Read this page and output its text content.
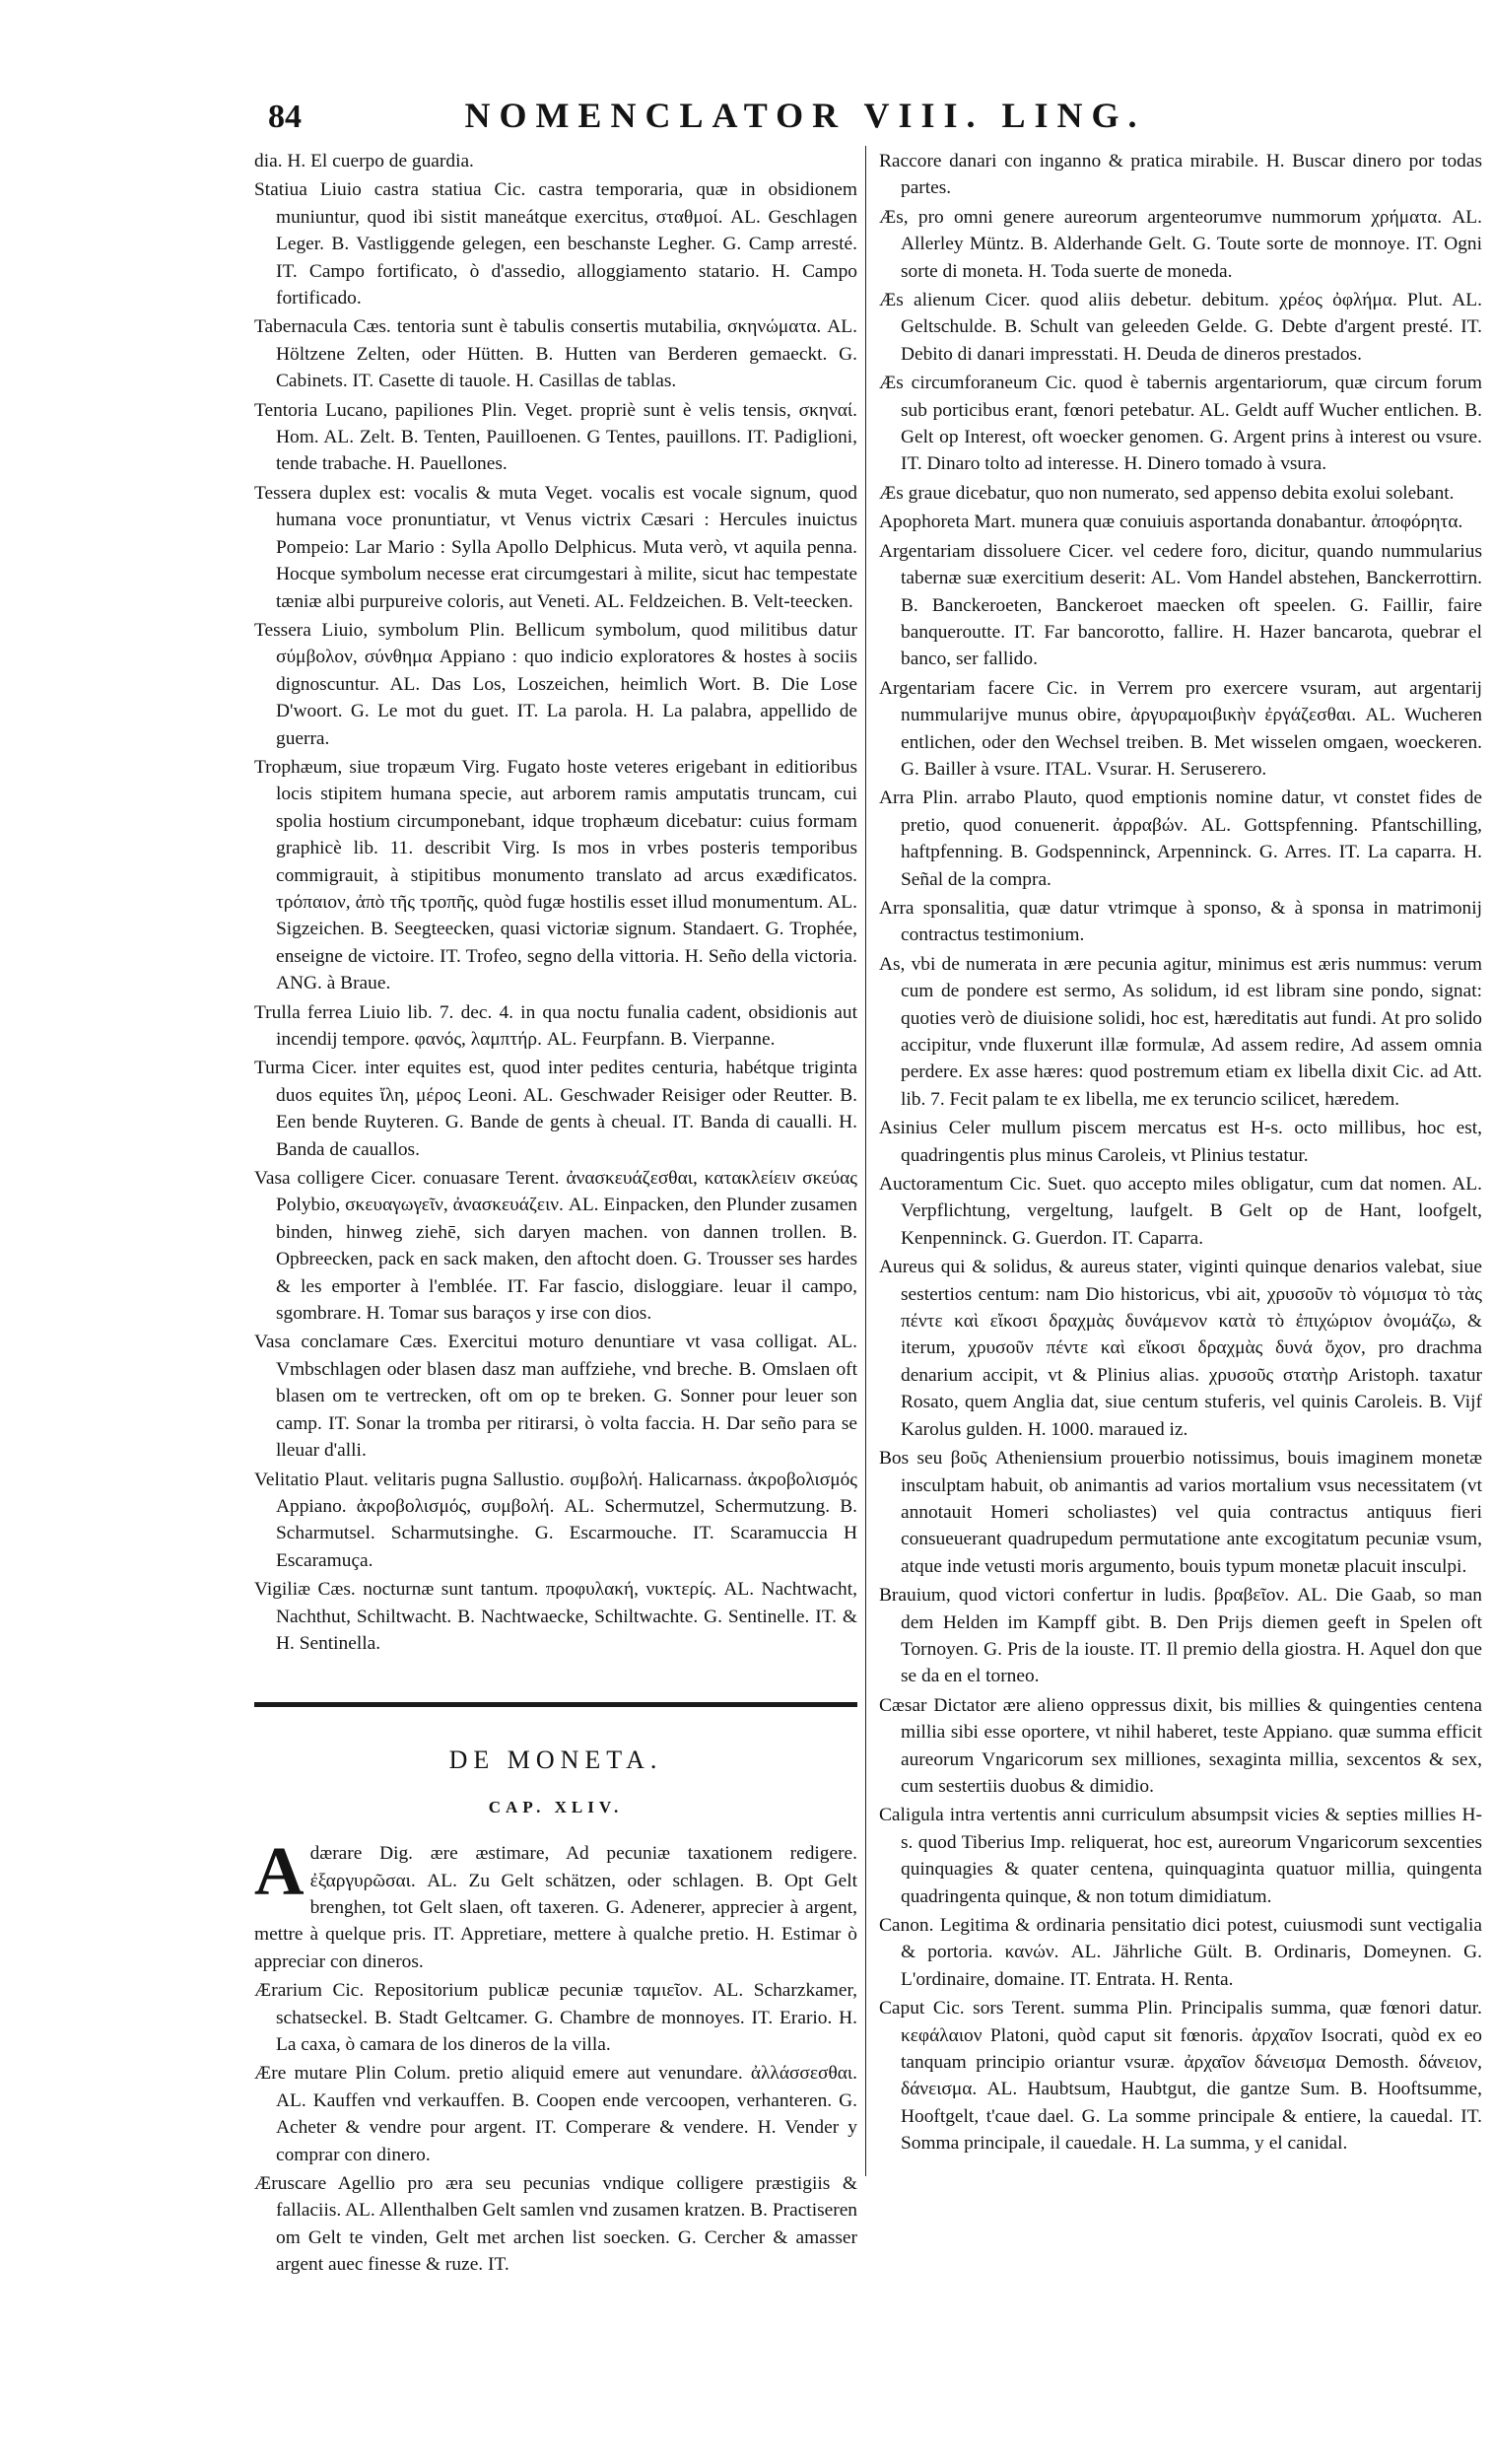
84	NOMENCLATOR VIII. LING.

dia. H. El cuerpo de guardia.

Statiua Liuio castra statiua Cic. castra temporaria, quæ in obsidionem muniuntur, quod ibi sistit maneátque exercitus, σταθμοί. AL. Geschlagen Leger. B. Vastliggende gelegen, een beschanste Legher. G. Camp arresté. IT. Campo fortificato, ò d'assedio, alloggiamento statario. H. Campo fortificado.

Tabernacula Cæs. tentoria sunt è tabulis consertis mutabilia, σκηνώματα. AL. Höltzene Zelten, oder Hütten. B. Hutten van Berderen gemaeckt. G. Cabinets. IT. Casette di tauole. H. Casillas de tablas.

Tentoria Lucano, papiliones Plin. Veget. propriè sunt è velis tensis, σκηναί. Hom. AL. Zelt. B. Tenten, Pauilloenen. G Tentes, pauillons. IT. Padiglioni, tende trabache. H. Pauellones.

Tessera duplex est: vocalis & muta Veget. vocalis est vocale signum, quod humana voce pronuntiatur, vt Venus victrix Cæsari : Hercules inuictus Pompeio: Lar Mario : Sylla Apollo Delphicus. Muta verò, vt aquila penna. Hocque symbolum necesse erat circumgestari à milite, sicut hac tempestate tæniæ albi purpureive coloris, aut Veneti. AL. Feldzeichen. B. Velt-teecken.

Tessera Liuio, symbolum Plin. Bellicum symbolum, quod militibus datur σύμβολον, σύνθημα Appiano : quo indicio exploratores & hostes à sociis dignoscuntur. AL. Das Los, Loszeichen, heimlich Wort. B. Die Lose D'woort. G. Le mot du guet. IT. La parola. H. La palabra, appellido de guerra.

Trophæum, siue tropæum Virg. Fugato hoste veteres erigebant in editioribus locis stipitem humana specie, aut arborem ramis amputatis truncam, cui spolia hostium circumponebant, idque trophæum dicebatur: cuius formam graphicè lib. 11. describit Virg. Is mos in vrbes posteris temporibus commigrauit, à stipitibus monumento translato ad arcus exædificatos. τρόπαιον, ἀπὸ τῆς τροπῆς, quòd fugæ hostilis esset illud monumentum. AL. Sigzeichen. B. Seegteecken, quasi victoriæ signum. Standaert. G. Trophée, enseigne de victoire. IT. Trofeo, segno della vittoria. H. Seño della victoria. ANG. à Braue.

Trulla ferrea Liuio lib. 7. dec. 4. in qua noctu funalia cadent, obsidionis aut incendij tempore. φανός, λαμπτήρ. AL. Feurpfann. B. Vierpanne.

Turma Cicer. inter equites est, quod inter pedites centuria, habétque triginta duos equites ἴλη, μέρος Leoni. AL. Geschwader Reisiger oder Reutter. B. Een bende Ruyteren. G. Bande de gents à cheual. IT. Banda di caualli. H. Banda de cauallos.

Vasa colligere Cicer. conuasare Terent. ἀνασκευάζεσθαι, κατακλείειν σκεύας Polybio, σκευαγωγεῖν, ἀνασκευάζειν. AL. Einpacken, den Plunder zusamen binden, hinweg ziehē, sich daryen machen. von dannen trollen. B. Opbreecken, pack en sack maken, den aftocht doen. G. Trousser ses hardes & les emporter à l'emblée. IT. Far fascio, disloggiare. leuar il campo, sgombrare. H. Tomar sus baraços y irse con dios.

Vasa conclamare Cæs. Exercitui moturo denuntiare vt vasa colligat. AL. Vmbschlagen oder blasen dasz man auffziehe, vnd breche. B. Omslaen oft blasen om te vertrecken, oft om op te breken. G. Sonner pour leuer son camp. IT. Sonar la tromba per ritirarsi, ò volta faccia. H. Dar seño para se lleuar d'alli.

Velitatio Plaut. velitaris pugna Sallustio. συμβολή. Halicarnass. ἀκροβολισμός Appiano. ἀκροβολισμός, συμβολή. AL. Schermutzel, Schermutzung. B. Scharmutsel. Scharmutsinghe. G. Escarmouche. IT. Scaramuccia H Escaramuça.

Vigiliæ Cæs. nocturnæ sunt tantum. προφυλακή, νυκτερίς. AL. Nachtwacht, Nachthut, Schiltwacht. B. Nachtwaecke, Schiltwachte. G. Sentinelle. IT. & H. Sentinella.

DE MONETA.
CAP. XLIV.

Adærare Dig. ære æstimare, Ad pecuniæ taxationem redigere. ἐξαργυρῶσαι. AL. Zu Gelt schätzen, oder schlagen. B. Opt Gelt brenghen, tot Gelt slaen, oft taxeren. G. Adenerer, apprecier à argent, mettre à quelque pris. IT. Appretiare, mettere à qualche pretio. H. Estimar ò appreciar con dineros.

Ærarium Cic. Repositorium publicæ pecuniæ ταμιεῖον. AL. Scharzkamer, schatseckel. B. Stadt Geltcamer. G. Chambre de monnoyes. IT. Erario. H. La caxa, ò camara de los dineros de la villa.

Ære mutare Plin Colum. pretio aliquid emere aut venundare. ἀλλάσσεσθαι. AL. Kauffen vnd verkauffen. B. Coopen ende vercoopen, verhanteren. G. Acheter & vendre pour argent. IT. Comperare & vendere. H. Vender y comprar con dinero.

Æruscare Agellio pro æra seu pecunias vndique colligere præstigiis & fallaciis. AL. Allenthalben Gelt samlen vnd zusamen kratzen. B. Practiseren om Gelt te vinden, Gelt met archen list soecken. G. Cercher & amasser argent auec finesse & ruze. IT.

Raccore danari con inganno & pratica mirabile. H. Buscar dinero por todas partes.

Æs, pro omni genere aureorum argenteorumve nummorum χρήματα. AL. Allerley Müntz. B. Alderhande Gelt. G. Toute sorte de monnoye. IT. Ogni sorte di moneta. H. Toda suerte de moneda.

Æs alienum Cicer. quod aliis debetur. debitum. χρέος ὀφλήμα. Plut. AL. Geltschulde. B. Schult van geleeden Gelde. G. Debte d'argent presté. IT. Debito di danari impresstati. H. Deuda de dineros prestados.

Æs circumforaneum Cic. quod è tabernis argentariorum, quæ circum forum sub porticibus erant, fœnori petebatur. AL. Geldt auff Wucher entlichen. B. Gelt op Interest, oft woecker genomen. G. Argent prins à interest ou vsure. IT. Dinaro tolto ad interesse. H. Dinero tomado à vsura.

Æs graue dicebatur, quo non numerato, sed appenso debita exolui solebant.

Apophoreta Mart. munera quæ conuiuis asportanda donabantur. ἀποφόρητα.

Argentariam dissoluere Cicer. vel cedere foro, dicitur, quando nummularius tabernæ suæ exercitium deserit: AL. Vom Handel abstehen, Banckerrottirn. B. Banckeroeten, Banckeroet maecken oft speelen. G. Faillir, faire banqueroutte. IT. Far bancorotto, fallire. H. Hazer bancarota, quebrar el banco, ser fallido.

Argentariam facere Cic. in Verrem pro exercere vsuram, aut argentarij nummularijve munus obire, ἀργυραμοιβικὴν ἐργάζεσθαι. AL. Wucheren entlichen, oder den Wechsel treiben. B. Met wisselen omgaen, woeckeren. G. Bailler à vsure. ITAL. Vsurar. H. Seruserero.

Arra Plin. arrabo Plauto, quod emptionis nomine datur, vt constet fides de pretio, quod conuenerit. ἀρραβών. AL. Gottspfenning. Pfantschilling, haftpfenning. B. Godspenninck, Arpenninck. G. Arres. IT. La caparra. H. Señal de la compra.

Arra sponsalitia, quæ datur vtrimque à sponso, & à sponsa in matrimonij contractus testimonium.

As, vbi de numerata in ære pecunia agitur, minimus est æris nummus: verum cum de pondere est sermo, As solidum, id est libram sine pondo, signat: quoties verò de diuisione solidi, hoc est, hæreditatis aut fundi. At pro solido accipitur, vnde fluxerunt illæ formulæ, Ad assem redire, Ad assem omnia perdere. Ex asse hæres: quod postremum etiam ex libella dixit Cic. ad Att. lib. 7. Fecit palam te ex libella, me ex teruncio scilicet, hæredem.

Asinius Celer mullum piscem mercatus est H-s. octo millibus, hoc est, quadringentis plus minus Caroleis, vt Plinius testatur.

Auctoramentum Cic. Suet. quo accepto miles obligatur, cum dat nomen. AL. Verpflichtung, vergeltung, laufgelt. B Gelt op de Hant, loofgelt, Kenpenninck. G. Guerdon. IT. Caparra.

Aureus qui & solidus, & aureus stater, viginti quinque denarios valebat, siue sestertios centum: nam Dio historicus, vbi ait, χρυσοῦν τὸ νόμισμα τὸ τὰς πέντε καὶ εἴκοσι δραχμὰς δυνάμενον κατὰ τὸ ἐπιχώριον ὀνομάζω, & iterum, χρυσοῦν πέντε καὶ εἴκοσι δραχμὰς δυνά ὄχον, pro drachma denarium accipit, vt & Plinius alias. χρυσοῦς στατὴρ Aristoph. taxatur Rosato, quem Anglia dat, siue centum stuferis, vel quinis Caroleis. B. Vijf Karolus gulden. H. 1000. maraued iz.

Bos seu βοῦς Atheniensium prouerbio notissimus, bouis imaginem monetæ insculptam habuit, ob animantis ad varios mortalium vsus necessitatem (vt annotauit Homeri scholiastes) vel quia contractus antiquus fieri consueuerant quadrupedum permutatione ante excogitatum pecuniæ vsum, atque inde vetusti moris argumento, bouis typum monetæ placuit insculpi.

Brauium, quod victori confertur in ludis. βραβεῖον. AL. Die Gaab, so man dem Helden im Kampff gibt. B. Den Prijs diemen geeft in Spelen oft Tornoyen. G. Pris de la iouste. IT. Il premio della giostra. H. Aquel don que se da en el torneo.

Cæsar Dictator ære alieno oppressus dixit, bis millies & quingenties centena millia sibi esse oportere, vt nihil haberet, teste Appiano. quæ summa efficit aureorum Vngaricorum sex milliones, sexaginta millia, sexcentos & sex, cum sestertiis duobus & dimidio.

Caligula intra vertentis anni curriculum absumpsit vicies & septies millies H-s. quod Tiberius Imp. reliquerat, hoc est, aureorum Vngaricorum sexcenties quinquagies & quater centena, quinquaginta quatuor millia, quingenta quadringenta quinque, & non totum dimidiatum.

Canon. Legitima & ordinaria pensitatio dici potest, cuiusmodi sunt vectigalia & portoria. κανών. AL. Jährliche Gült. B. Ordinaris, Domeynen. G. L'ordinaire, domaine. IT. Entrata. H. Renta.

Caput Cic. sors Terent. summa Plin. Principalis summa, quæ fœnori datur. κεφάλαιον Platoni, quòd caput sit fœnoris. ἀρχαῖον Isocrati, quòd ex eo tanquam principio oriantur vsuræ. ἀρχαῖον δάνεισμα Demosth. δάνειον, δάνεισμα. AL. Haubtsum, Haubtgut, die gantze Sum. B. Hooftsumme, Hooftgelt, t'caue dael. G. La somme principale & entiere, la cauedal. IT. Somma principale, il cauedale. H. La summa, y el canidal.
